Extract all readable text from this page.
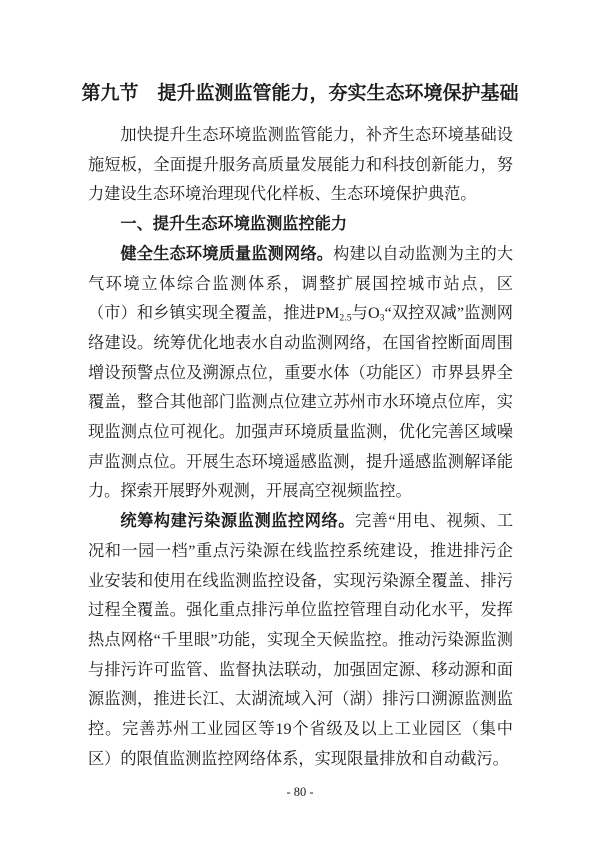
第九节　提升监测监管能力，夯实生态环境保护基础

加快提升生态环境监测监管能力，补齐生态环境基础设施短板，全面提升服务高质量发展能力和科技创新能力，努力建设生态环境治理现代化样板、生态环境保护典范。

一、提升生态环境监测监控能力

健全生态环境质量监测网络。构建以自动监测为主的大气环境立体综合监测体系，调整扩展国控城市站点，区（市）和乡镇实现全覆盖，推进$PM_{2.5}$与$O_3“$双控双减”监测网络建设。统筹优化地表水自动监测网络，在国省控断面周围增设预警点位及溯源点位，重要水体（功能区）市界县界全覆盖，整合其他部门监测点位建立苏州市水环境点位库，实现监测点位可视化。加强声环境质量监测，优化完善区域噪声监测点位。开展生态环境遥感监测，提升遥感监测解译能力。探索开展野外观测，开展高空视频监控。

统筹构建污染源监测监控网络。完善“用电、视频、工况和一园一档”重点污染源在线监控系统建设，推进排污企业安装和使用在线监测监控设备，实现污染源全覆盖、排污过程全覆盖。强化重点排污单位监控管理自动化水平，发挥热点网格“千里眼”功能，实现全天候监控。推动污染源监测与排污许可监管、监督执法联动，加强固定源、移动源和面源监测，推进长江、太湖流域入河（湖）排污口溯源监测监控。完善苏州工业园区等19个省级及以上工业园区（集中区）的限值监测监控网络体系，实现限量排放和自动截污。

- 80 -
